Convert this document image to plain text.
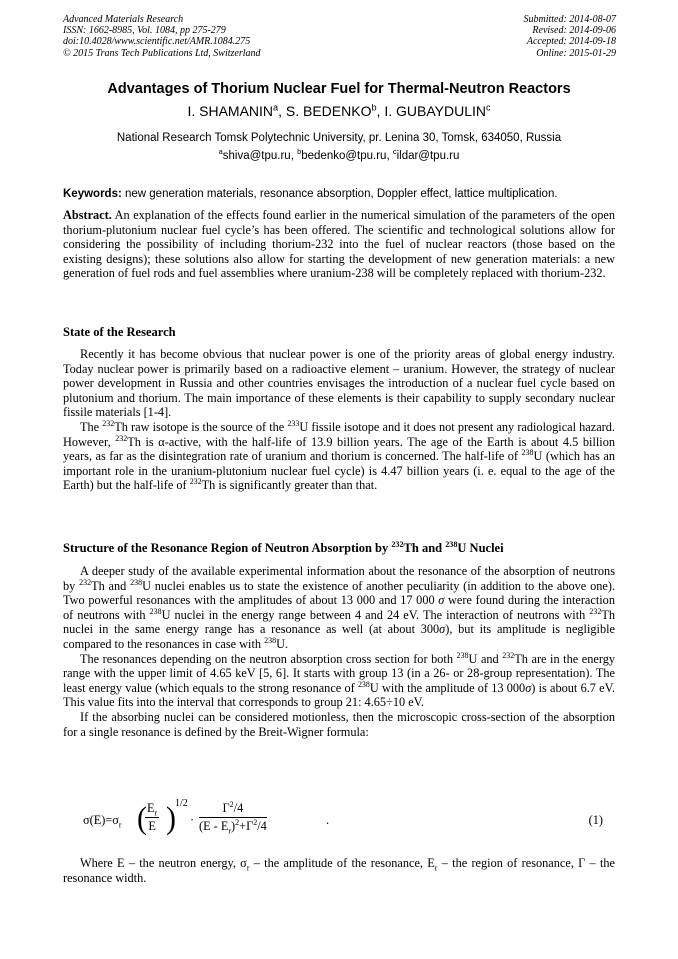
Advanced Materials Research
ISSN: 1662-8985, Vol. 1084, pp 275-279
doi:10.4028/www.scientific.net/AMR.1084.275
© 2015 Trans Tech Publications Ltd, Switzerland
Submitted: 2014-08-07
Revised: 2014-09-06
Accepted: 2014-09-18
Online: 2015-01-29
Advantages of Thorium Nuclear Fuel for Thermal-Neutron Reactors
I. SHAMANIN$^a$, S. BEDENKO$^b$, I. GUBAYDULIN$^c$
National Research Tomsk Polytechnic University, pr. Lenina 30, Tomsk, 634050, Russia
$^a$shiva@tpu.ru, $^b$bedenko@tpu.ru, $^c$ildar@tpu.ru
Keywords: new generation materials, resonance absorption, Doppler effect, lattice multiplication.

Abstract. An explanation of the effects found earlier in the numerical simulation of the parameters of the open thorium-plutonium nuclear fuel cycle’s has been offered. The scientific and technological solutions allow for considering the possibility of including thorium-232 into the fuel of nuclear reactors (those based on the existing designs); these solutions also allow for starting the development of new generation materials: a new generation of fuel rods and fuel assemblies where uranium-238 will be completely replaced with thorium-232.

State of the Research

Recently it has become obvious that nuclear power is one of the priority areas of global energy industry. Today nuclear power is primarily based on a radioactive element – uranium. However, the strategy of nuclear power development in Russia and other countries envisages the introduction of a nuclear fuel cycle based on plutonium and thorium. The main importance of these elements is their capability to supply secondary nuclear fissile materials [1-4].

The $^{232}$Th raw isotope is the source of the $^{233}$U fissile isotope and it does not present any radiological hazard. However, $^{232}$Th is α-active, with the half-life of 13.9 billion years. The age of the Earth is about 4.5 billion years, as far as the disintegration rate of uranium and thorium is concerned. The half-life of $^{238}$U (which has an important role in the uranium-plutonium nuclear fuel cycle) is 4.47 billion years (i. e. equal to the age of the Earth) but the half-life of $^{232}$Th is significantly greater than that.

Structure of the Resonance Region of Neutron Absorption by $^{232}$Th and $^{238}$U Nuclei

A deeper study of the available experimental information about the resonance of the absorption of neutrons by $^{232}$Th and $^{238}$U nuclei enables us to state the existence of another peculiarity (in addition to the above one). Two powerful resonances with the amplitudes of about 13 000 and 17 000 σ were found during the interaction of neutrons with $^{238}$U nuclei in the energy range between 4 and 24 eV. The interaction of neutrons with $^{232}$Th nuclei in the same energy range has a resonance as well (at about 300σ), but its amplitude is negligible compared to the resonances in case with $^{238}$U.

The resonances depending on the neutron absorption cross section for both $^{238}$U and $^{232}$Th are in the energy range with the upper limit of 4.65 keV [5, 6]. It starts with group 13 (in a 26- or 28-group representation). The least energy value (which equals to the strong resonance of $^{238}$U with the amplitude of 13 000σ) is about 6.7 eV. This value fits into the interval that corresponds to group 21: 4.65÷10 eV.

If the absorbing nuclei can be considered motionless, then the microscopic cross-section of the absorption for a single resonance is defined by the Breit-Wigner formula:

$\sigma(E)=\sigma_r$ (
$\frac{E_r}{E}$ ) 1/2
· $\frac{\Gamma^2/4}{(E - E_r)^2+\Gamma^2/4}$	.	(1)

Where E – the neutron energy, $\sigma_r$ – the amplitude of the resonance, $E_r$ – the region of resonance, Γ – the resonance width.
